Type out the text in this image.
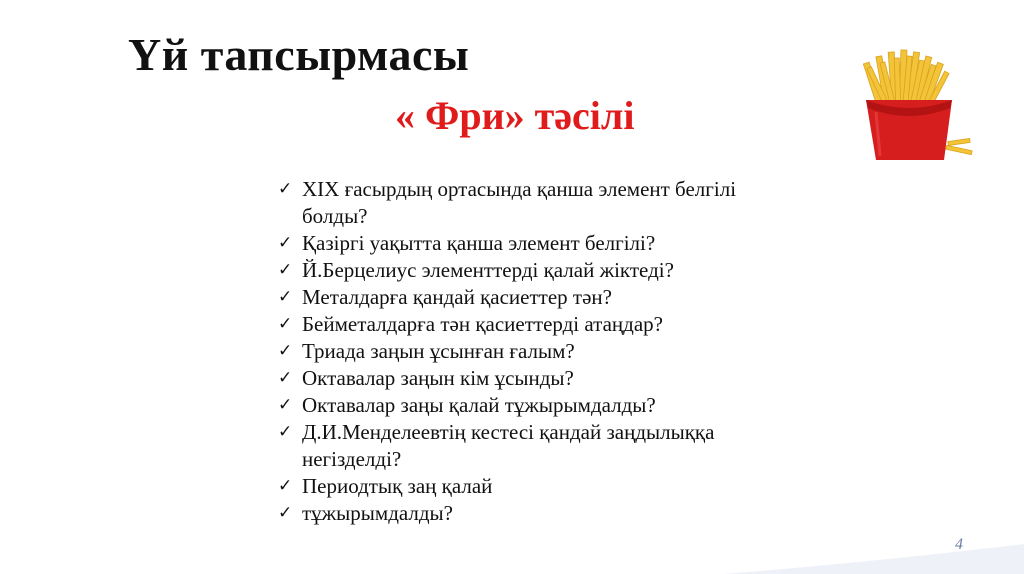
Үй тапсырмасы
« Фри» тәсілі
✓ XIX ғасырдың ортасында қанша элемент белгілі болды?
✓ Қазіргі уақытта қанша элемент белгілі?
✓ Й.Берцелиус элементтерді қалай жіктеді?
✓ Металдарға қандай қасиеттер тән?
✓ Бейметалдарға тән қасиеттерді атаңдар?
✓ Триада заңын ұсынған ғалым?
✓ Октавалар заңын кім ұсынды?
✓ Октавалар заңы қалай тұжырымдалды?
✓ Д.И.Менделеевтің кестесі қандай заңдылыққа негізделді?
✓ Периодтық заң қалай
✓ тұжырымдалды?
4
